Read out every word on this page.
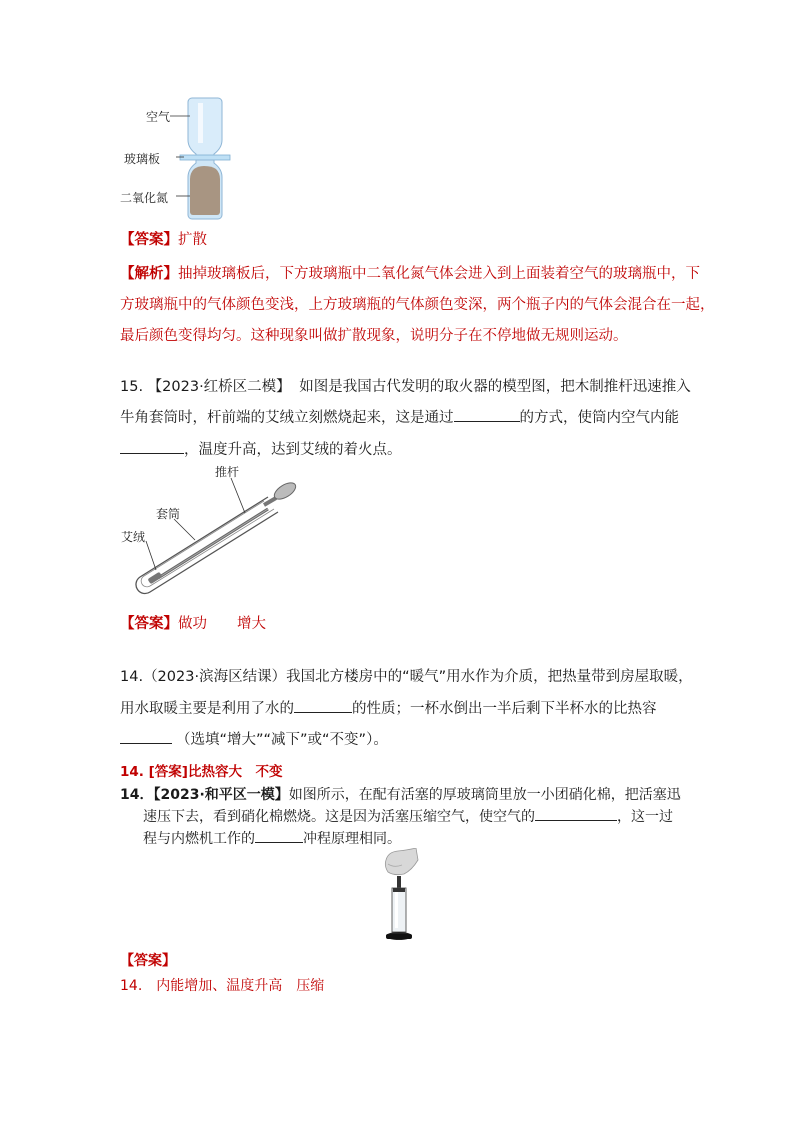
空气
玻璃板
二氧化氮
【答案】扩散
【解析】抽掉玻璃板后，下方玻璃瓶中二氧化氮气体会进入到上面装着空气的玻璃瓶中，下
方玻璃瓶中的气体颜色变浅，上方玻璃瓶的气体颜色变深，两个瓶子内的气体会混合在一起，
最后颜色变得均匀。这种现象叫做扩散现象，说明分子在不停地做无规则运动。
15. 【2023·红桥区二模】 如图是我国古代发明的取火器的模型图，把木制推杆迅速推入
牛角套筒时，杆前端的艾绒立刻燃烧起来，这是通过	的方式，使筒内空气内能
，温度升高，达到艾绒的着火点。
推杆
套筒
艾绒
【答案】做功 增大
14.（2023·滨海区结课）我国北方楼房中的“暖气”用水作为介质，把热量带到房屋取暖，
用水取暖主要是利用了水的	的性质；一杯水倒出一半后剩下半杯水的比热容
（选填“增大”“减下”或“不变”）。
14. [答案]比热容大　不变
14．【2023·和平区一模】如图所示，在配有活塞的厚玻璃筒里放一小团硝化棉，把活塞迅
速压下去，看到硝化棉燃烧。这是因为活塞压缩空气，使空气的	，这一过
程与内燃机工作的	冲程原理相同。
【答案】
14.　内能增加、温度升高　压缩
